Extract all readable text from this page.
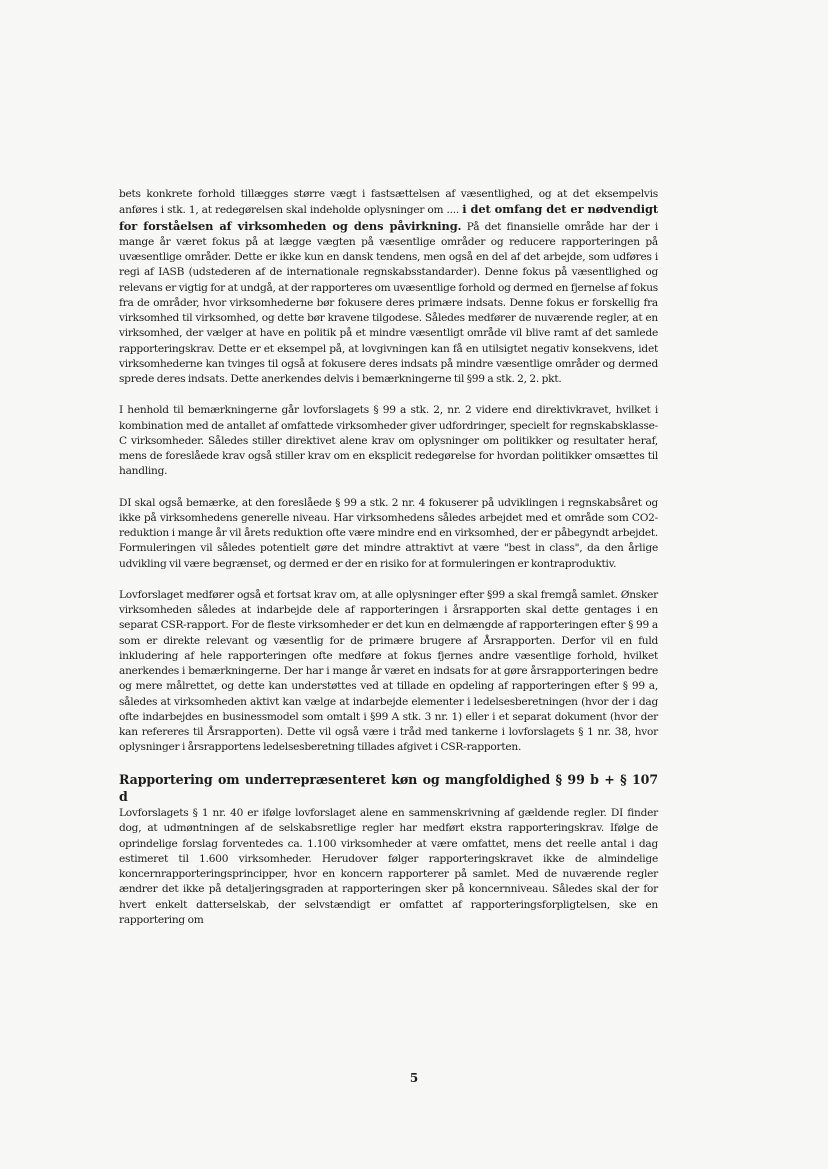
bets konkrete forhold tillægges større vægt i fastsættelsen af væsentlighed, og at det eksempelvis anføres i stk. 1, at redegørelsen skal indeholde oplysninger om .... i det omfang det er nødvendigt for forståelsen af virksomheden og dens påvirkning. På det finansielle område har der i mange år været fokus på at lægge vægten på væsentlige områder og reducere rapporteringen på uvæsentlige områder. Dette er ikke kun en dansk tendens, men også en del af det arbejde, som udføres i regi af IASB (udstederen af de internationale regnskabsstandarder). Denne fokus på væsentlighed og relevans er vigtig for at undgå, at der rapporteres om uvæsentlige forhold og dermed en fjernelse af fokus fra de områder, hvor virksomhederne bør fokusere deres primære indsats. Denne fokus er forskellig fra virksomhed til virksomhed, og dette bør kravene tilgodese. Således medfører de nuværende regler, at en virksomhed, der vælger at have en politik på et mindre væsentligt område vil blive ramt af det samlede rapporteringskrav. Dette er et eksempel på, at lovgivningen kan få en utilsigtet negativ konsekvens, idet virksomhederne kan tvinges til også at fokusere deres indsats på mindre væsentlige områder og dermed sprede deres indsats. Dette anerkendes delvis i bemærkningerne til §99 a stk. 2, 2. pkt.

I henhold til bemærkningerne går lovforslagets § 99 a stk. 2, nr. 2 videre end direktivkravet, hvilket i kombination med de antallet af omfattede virksomheder giver udfordringer, specielt for regnskabsklasse-C virksomheder. Således stiller direktivet alene krav om oplysninger om politikker og resultater heraf, mens de foreslåede krav også stiller krav om en eksplicit redegørelse for hvordan politikker omsættes til handling.

DI skal også bemærke, at den foreslåede § 99 a stk. 2 nr. 4 fokuserer på udviklingen i regnskabsåret og ikke på virksomhedens generelle niveau. Har virksomhedens således arbejdet med et område som CO2-reduktion i mange år vil årets reduktion ofte være mindre end en virksomhed, der er påbegyndt arbejdet. Formuleringen vil således potentielt gøre det mindre attraktivt at være "best in class", da den årlige udvikling vil være begrænset, og dermed er der en risiko for at formuleringen er kontraproduktiv.

Lovforslaget medfører også et fortsat krav om, at alle oplysninger efter §99 a skal fremgå samlet. Ønsker virksomheden således at indarbejde dele af rapporteringen i årsrapporten skal dette gentages i en separat CSR-rapport. For de fleste virksomheder er det kun en delmængde af rapporteringen efter § 99 a som er direkte relevant og væsentlig for de primære brugere af Årsrapporten. Derfor vil en fuld inkludering af hele rapporteringen ofte medføre at fokus fjernes andre væsentlige forhold, hvilket anerkendes i bemærkningerne. Der har i mange år været en indsats for at gøre årsrapporteringen bedre og mere målrettet, og dette kan understøttes ved at tillade en opdeling af rapporteringen efter § 99 a, således at virksomheden aktivt kan vælge at indarbejde elementer i ledelsesberetningen (hvor der i dag ofte indarbejdes en businessmodel som omtalt i §99 A stk. 3 nr. 1) eller i et separat dokument (hvor der kan refereres til Årsrapporten). Dette vil også være i tråd med tankerne i lovforslagets § 1 nr. 38, hvor oplysninger i årsrapportens ledelsesberetning tillades afgivet i CSR-rapporten.

Rapportering om underrepræsenteret køn og mangfoldighed § 99 b + § 107 d
Lovforslagets § 1 nr. 40 er ifølge lovforslaget alene en sammenskrivning af gældende regler. DI finder dog, at udmøntningen af de selskabsretlige regler har medført ekstra rapporteringskrav. Ifølge de oprindelige forslag forventedes ca. 1.100 virksomheder at være omfattet, mens det reelle antal i dag estimeret til 1.600 virksomheder. Herudover følger rapporteringskravet ikke de almindelige koncernrapporteringsprincipper, hvor en koncern rapporterer på samlet. Med de nuværende regler ændrer det ikke på detaljeringsgraden at rapporteringen sker på koncernniveau. Således skal der for hvert enkelt datterselskab, der selvstændigt er omfattet af rapporteringsforpligtelsen, ske en rapportering om

5
